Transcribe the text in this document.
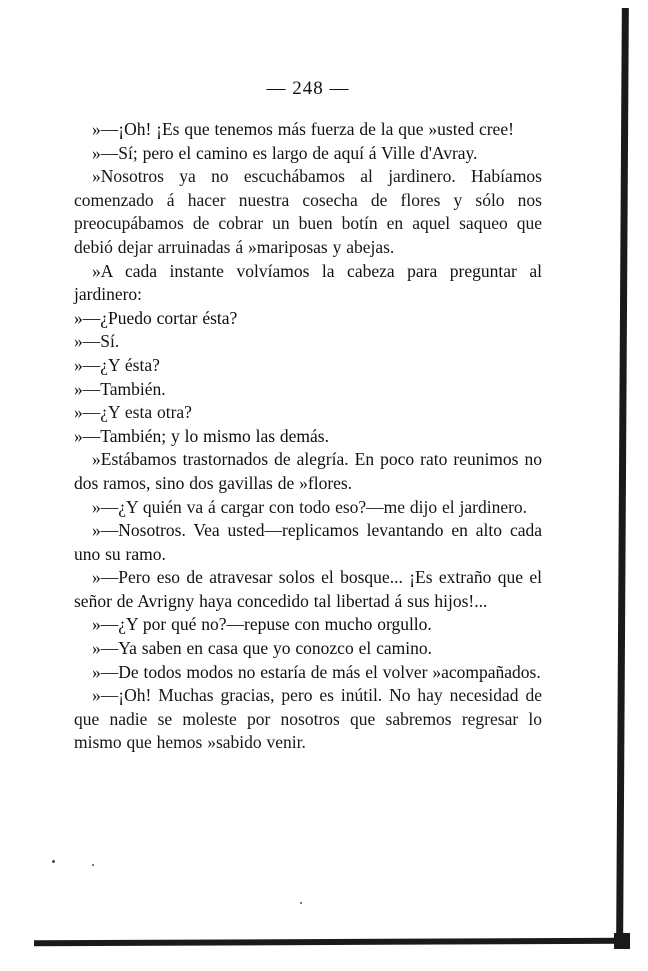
— 248 —

»—¡Oh! ¡Es que tenemos más fuerza de la que »usted cree!

»—Sí; pero el camino es largo de aquí á Ville d'Avray.

»Nosotros ya no escuchábamos al jardinero. Habíamos comenzado á hacer nuestra cosecha de flores y sólo nos preocupábamos de cobrar un buen botín en aquel saqueo que debió dejar arruinadas á »mariposas y abejas.

»A cada instante volvíamos la cabeza para preguntar al jardinero:

»—¿Puedo cortar ésta?

»—Sí.

»—¿Y ésta?

»—También.

»—¿Y esta otra?

»—También; y lo mismo las demás.

»Estábamos trastornados de alegría. En poco rato reunimos no dos ramos, sino dos gavillas de »flores.

»—¿Y quién va á cargar con todo eso?—me dijo el jardinero.

»—Nosotros. Vea usted—replicamos levantando en alto cada uno su ramo.

»—Pero eso de atravesar solos el bosque... ¡Es extraño que el señor de Avrigny haya concedido tal libertad á sus hijos!...

»—¿Y por qué no?—repuse con mucho orgullo.

»—Ya saben en casa que yo conozco el camino.

»—De todos modos no estaría de más el volver »acompañados.

»—¡Oh! Muchas gracias, pero es inútil. No hay necesidad de que nadie se moleste por nosotros que sabremos regresar lo mismo que hemos »sabido venir.
